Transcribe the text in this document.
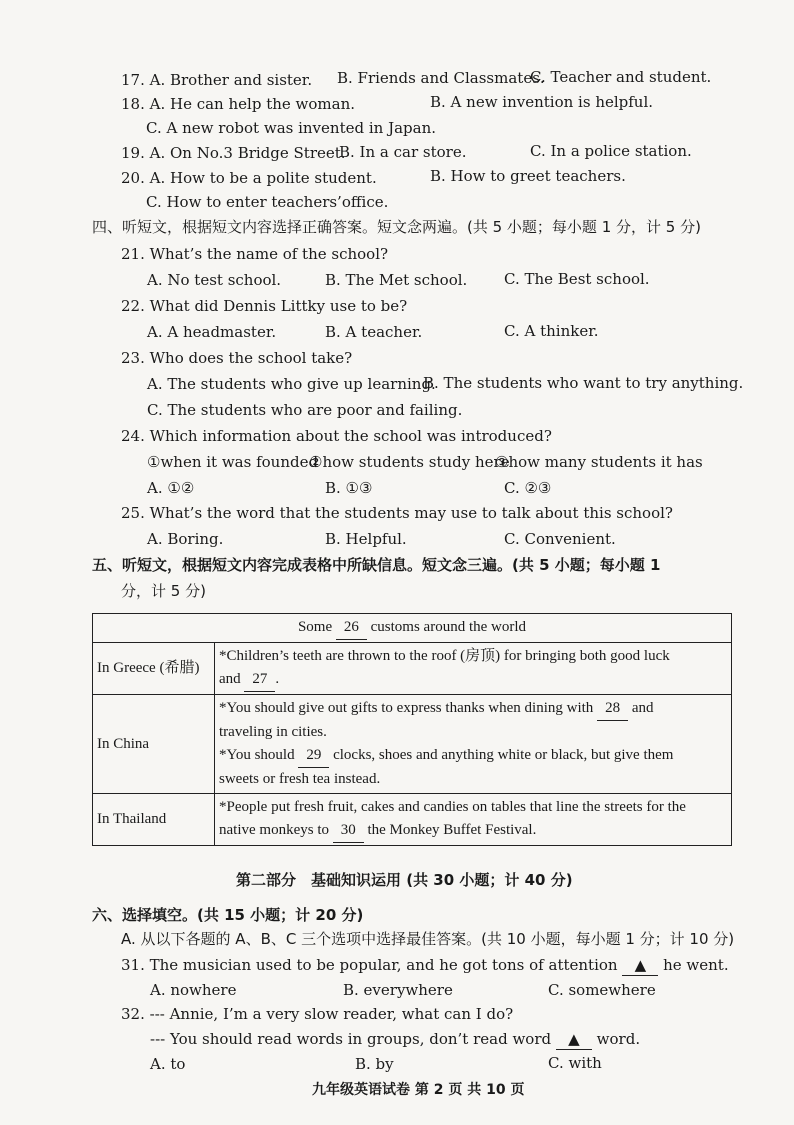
17. A. Brother and sister. B. Friends and Classmates.
C. Teacher and student.
18. A. He can help the woman.	B. A new invention is helpful.
C. A new robot was invented in Japan.
19. A. On No.3 Bridge Street.
B. In a car store.	C. In a police station.
20. A. How to be a polite student.	B. How to greet teachers.
C. How to enter teachers’office.
四、听短文，根据短文内容选择正确答案。短文念两遍。(共 5 小题；每小题 1 分，计 5 分)
21. What’s the name of the school?
A. No test school.	B. The Met school. C. The Best school.
22. What did Dennis Littky use to be?
A. A headmaster.	B. A teacher.	C. A thinker.
23. Who does the school take?
A. The students who give up learning.
B. The students who want to try anything.
C. The students who are poor and failing.
24. Which information about the school was introduced?
①when it was founded
②how students study here
③how many students it has
A. ①②	B. ①③	C. ②③
25. What’s the word that the students may use to talk about this school?
A. Boring.	B. Helpful.	C. Convenient.
五、听短文，根据短文内容完成表格中所缺信息。短文念三遍。(共 5 小题；每小题 1
分，计 5 分)
Some 26 customs around the world	
In Greece (希腊)	*Children’s teeth are thrown to the roof (房顶) for bringing both good luck
and 27 .

In China	*You should give out gifts to express thanks when dining with 28 and
traveling in cities.
*You should 29 clocks, shoes and anything white or black, but give them
sweets or fresh tea instead.

In Thailand	*People put fresh fruit, cakes and candies on tables that line the streets for the
native monkeys to 30 the Monkey Buffet Festival.
第二部分　基础知识运用 (共 30 小题；计 40 分)
六、选择填空。(共 15 小题；计 20 分)
A. 从以下各题的 A、B、C 三个选项中选择最佳答案。(共 10 小题，每小题 1 分；计 10 分)
31. The musician used to be popular, and he got tons of attention ▲ he went.
A. nowhere	B. everywhere	C. somewhere
32. --- Annie, I’m a very slow reader, what can I do?
--- You should read words in groups, don’t read word ▲ word.
A. to	B. by	C. with
九年级英语试卷 第 2 页 共 10 页
